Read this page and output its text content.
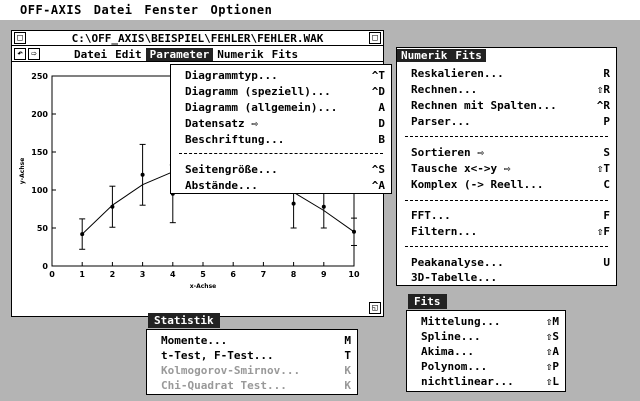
OFF-AXIS	Datei	Fenster	Optionen
□	C:\OFF_AXIS\BEISPIEL\FEHLER\FEHLER.WAK	□
↶ ⇨	Datei Edit Parameter Numerik Fits
0	1	2	3	4	5	6	7	8	9	10
0
50
100
150
200
250
x-Achse
y-Achse
◱
Diagrammtyp...	^T
Diagramm (speziell)...	^D
Diagramm (allgemein)...	A
Datensatz ⇨	D
Beschriftung...	B
Seitengröße...	^S
Abstände...	^A
Numerik Fits
Reskalieren...	R
Rechnen...	⇧R
Rechnen mit Spalten...	^R
Parser...	P
Sortieren ⇨	S
Tausche x<->y ⇨	⇧T
Komplex (-> Reell...	C
FFT...	F
Filtern...	⇧F
Peakanalyse...	U
3D-Tabelle...
Fits
Mittelung...	⇧M
Spline...	⇧S
Akima...	⇧A
Polynom...	⇧P
nichtlinear...	⇧L
Statistik
Momente...	M
t-Test, F-Test...	T
Kolmogorov-Smirnov...	K
Chi-Quadrat Test...	K
